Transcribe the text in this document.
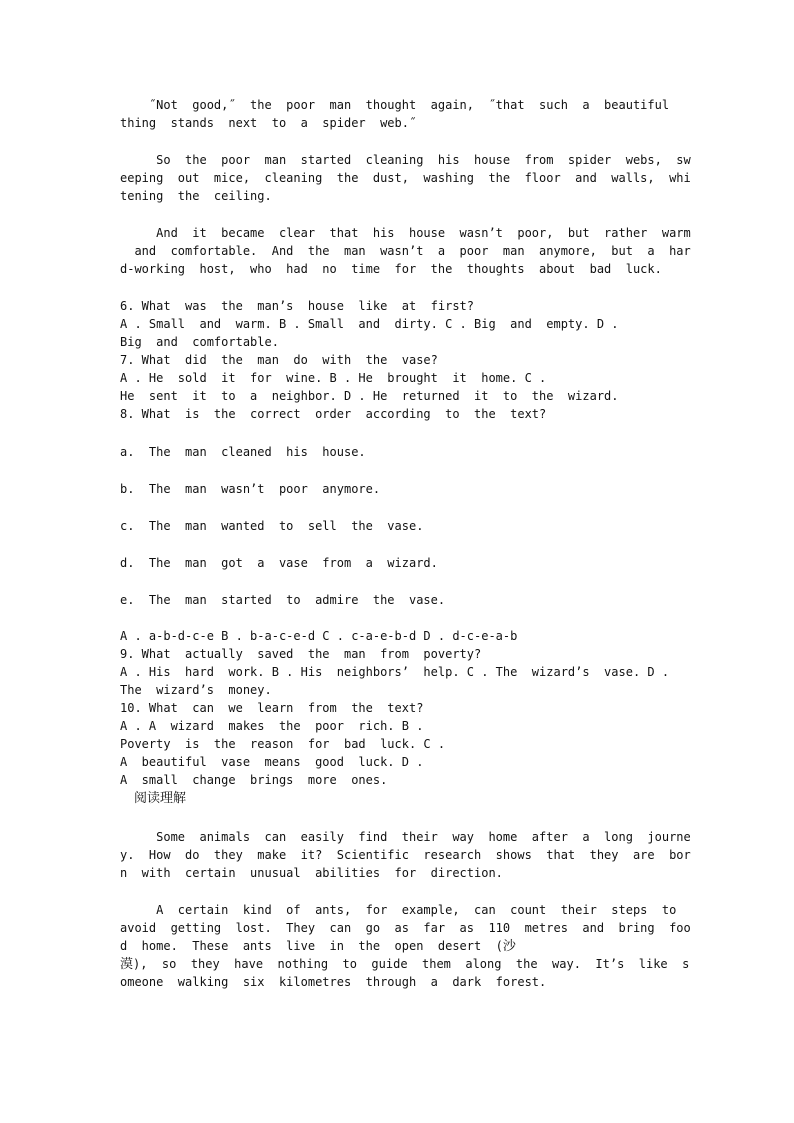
˝Not  good,˝  the  poor  man  thought  again,  ˝that  such  a  beautiful
thing  stands  next  to  a  spider  web.˝
So  the  poor  man  started  cleaning  his  house  from  spider  webs,  sw
eeping  out  mice,  cleaning  the  dust,  washing  the  floor  and  walls,  whi
tening  the  ceiling.
And  it  became  clear  that  his  house  wasn’t  poor,  but  rather  warm
and  comfortable.  And  the  man  wasn’t  a  poor  man  anymore,  but  a  har
d-working  host,  who  had  no  time  for  the  thoughts  about  bad  luck.
6. What  was  the  man’s  house  like  at  first?
A . Small  and  warm. B . Small  and  dirty. C . Big  and  empty. D .
Big  and  comfortable.
7. What  did  the  man  do  with  the  vase?
A . He  sold  it  for  wine. B . He  brought  it  home. C .
He  sent  it  to  a  neighbor. D . He  returned  it  to  the  wizard.
8. What  is  the  correct  order  according  to  the  text?
a.  The  man  cleaned  his  house.
b.  The  man  wasn’t  poor  anymore.
c.  The  man  wanted  to  sell  the  vase.
d.  The  man  got  a  vase  from  a  wizard.
e.  The  man  started  to  admire  the  vase.
A . a-b-d-c-e B . b-a-c-e-d C . c-a-e-b-d D . d-c-e-a-b
9. What  actually  saved  the  man  from  poverty?
A . His  hard  work. B . His  neighbors’  help. C . The  wizard’s  vase. D .
The  wizard’s  money.
10. What  can  we  learn  from  the  text?
A . A  wizard  makes  the  poor  rich. B .
Poverty  is  the  reason  for  bad  luck. C .
A  beautiful  vase  means  good  luck. D .
A  small  change  brings  more  ones.
阅读理解
Some  animals  can  easily  find  their  way  home  after  a  long  journe
y.  How  do  they  make  it?  Scientific  research  shows  that  they  are  bor
n  with  certain  unusual  abilities  for  direction.
A  certain  kind  of  ants,  for  example,  can  count  their  steps  to
avoid  getting  lost.  They  can  go  as  far  as  110  metres  and  bring  foo
d  home.  These  ants  live  in  the  open  desert  (沙
漠),  so  they  have  nothing  to  guide  them  along  the  way.  It’s  like  s
omeone  walking  six  kilometres  through  a  dark  forest.
